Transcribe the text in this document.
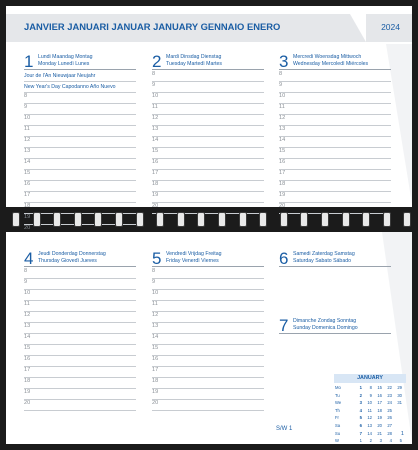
JANVIER JANUARI JANUAR JANUARY GENNAIO ENERO	2024
1 Lundi Maandag Montag
Monday Lunedì Lunes
Jour de l'An Nieuwjaar Neujahr
New Year's Day Capodanno Año Nuevo
8
9
10
11
12
13
14
15
16
17
18
19
20
2 Mardi Dinsdag Dienstag
Tuesday Martedì Martes
8
9
10
11
12
13
14
15
16
17
18
19
20
3 Mercredi Woensdag Mittwoch
Wednesday Mercoledì Miércoles
8
9
10
11
12
13
14
15
16
17
18
19
20
4 Jeudi Donderdag Donnerstag
Thursday Giovedì Jueves
8
9
10
11
12
13
14
15
16
17
18
19
20
5 Vendredi Vrijdag Freitag
Friday Venerdì Viernes
8
9
10
11
12
13
14
15
16
17
18
19
20
6 Samedi Zaterdag Samstag
Saturday Sabato Sábado
7 Dimanche Zondag Sonntag
Sunday Domenica Domingo
S/W 1
1
JANUARY
Mo	1	8	15	22	29
Tu	2	9	16	23	30
We	3	10	17	24	31
Th	4	11	18	25
Fr	5	12	19	26
Sa	6	13	20	27
Su	7	14	21	28
W	1	2	3	4	5
